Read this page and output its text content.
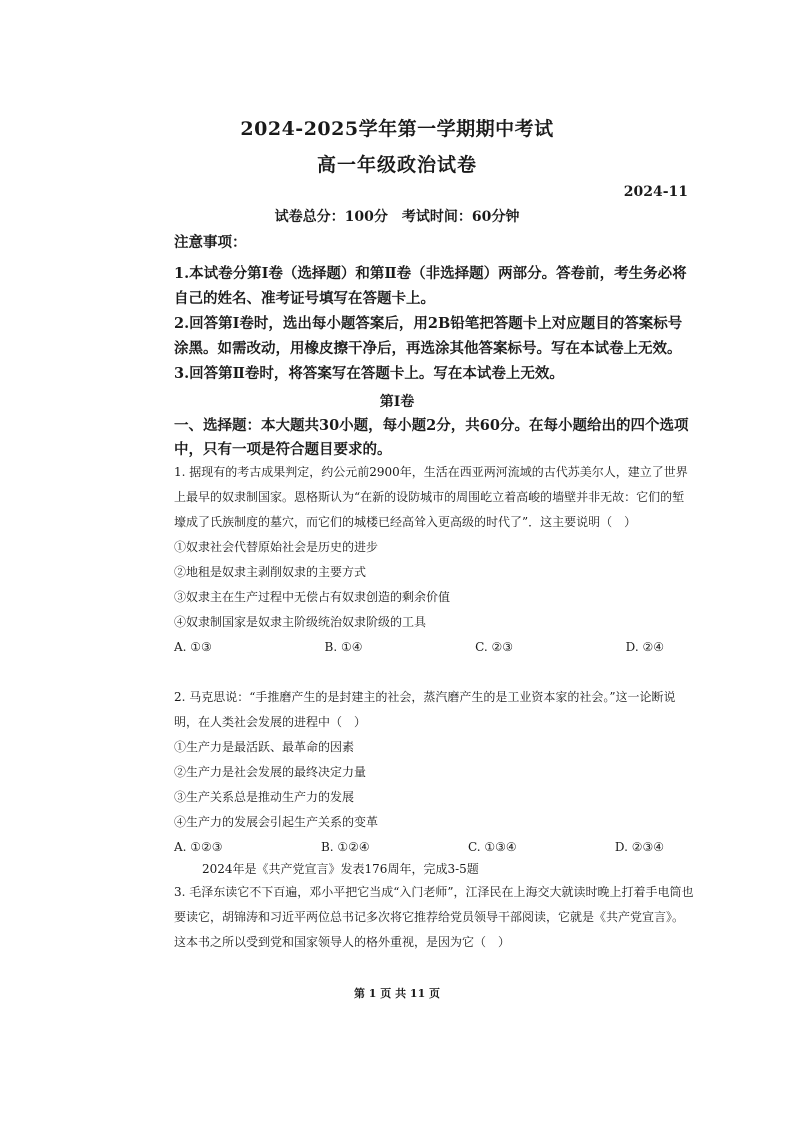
2024-2025学年第一学期期中考试
高一年级政治试卷
2024-11
试卷总分：100分　考试时间：60分钟

注意事项：

1.本试卷分第Ⅰ卷（选择题）和第Ⅱ卷（非选择题）两部分。答卷前，考生务必将自己的姓名、准考证号填写在答题卡上。

2.回答第Ⅰ卷时，选出每小题答案后，用2B铅笔把答题卡上对应题目的答案标号涂黑。如需改动，用橡皮擦干净后，再选涂其他答案标号。写在本试卷上无效。

3.回答第Ⅱ卷时，将答案写在答题卡上。写在本试卷上无效。

第Ⅰ卷

一、选择题：本大题共30小题，每小题2分，共60分。在每小题给出的四个选项中，只有一项是符合题目要求的。

1. 据现有的考古成果判定，约公元前2900年，生活在西亚两河流域的古代苏美尔人，建立了世界上最早的奴隶制国家。恩格斯认为“在新的设防城市的周围屹立着高峻的墙壁并非无故：它们的堑壕成了氏族制度的墓穴，而它们的城楼已经高耸入更高级的时代了”．这主要说明（　）

①奴隶社会代替原始社会是历史的进步

②地租是奴隶主剥削奴隶的主要方式

③奴隶主在生产过程中无偿占有奴隶创造的剩余价值

④奴隶制国家是奴隶主阶级统治奴隶阶级的工具

A. ①③	B. ①④	C. ②③	D. ②④

2. 马克思说：“手推磨产生的是封建主的社会，蒸汽磨产生的是工业资本家的社会。”这一论断说明，在人类社会发展的进程中（　）

①生产力是最活跃、最革命的因素

②生产力是社会发展的最终决定力量

③生产关系总是推动生产力的发展

④生产力的发展会引起生产关系的变革

A. ①②③	B. ①②④	C. ①③④	D. ②③④

2024年是《共产党宣言》发表176周年，完成3-5题

3. 毛泽东读它不下百遍，邓小平把它当成“入门老师”，江泽民在上海交大就读时晚上打着手电筒也要读它，胡锦涛和习近平两位总书记多次将它推荐给党员领导干部阅读，它就是《共产党宣言》。这本书之所以受到党和国家领导人的格外重视，是因为它（　）

第 1 页 共 11 页
